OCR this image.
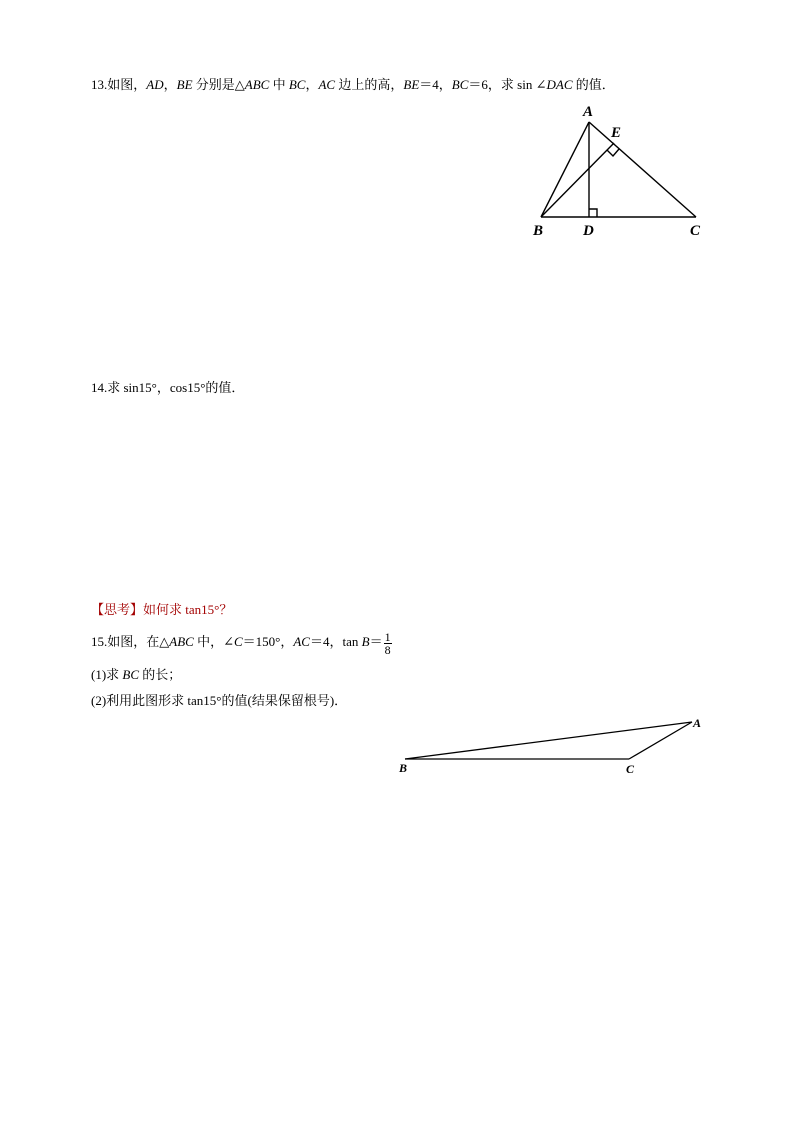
13.如图，AD，BE 分别是△ABC 中 BC，AC 边上的高，BE＝4，BC＝6，求 sin ∠DAC 的值．
A
E
B	D	C
14.求 sin15°，cos15°的值．
【思考】如何求 tan15°？
15.如图，在△ABC 中，∠C＝150°，AC＝4，$\tan B= \frac{1}{8}$
(1)求 BC 的长；
(2)利用此图形求 tan15°的值(结果保留根号)．
A
B	C
